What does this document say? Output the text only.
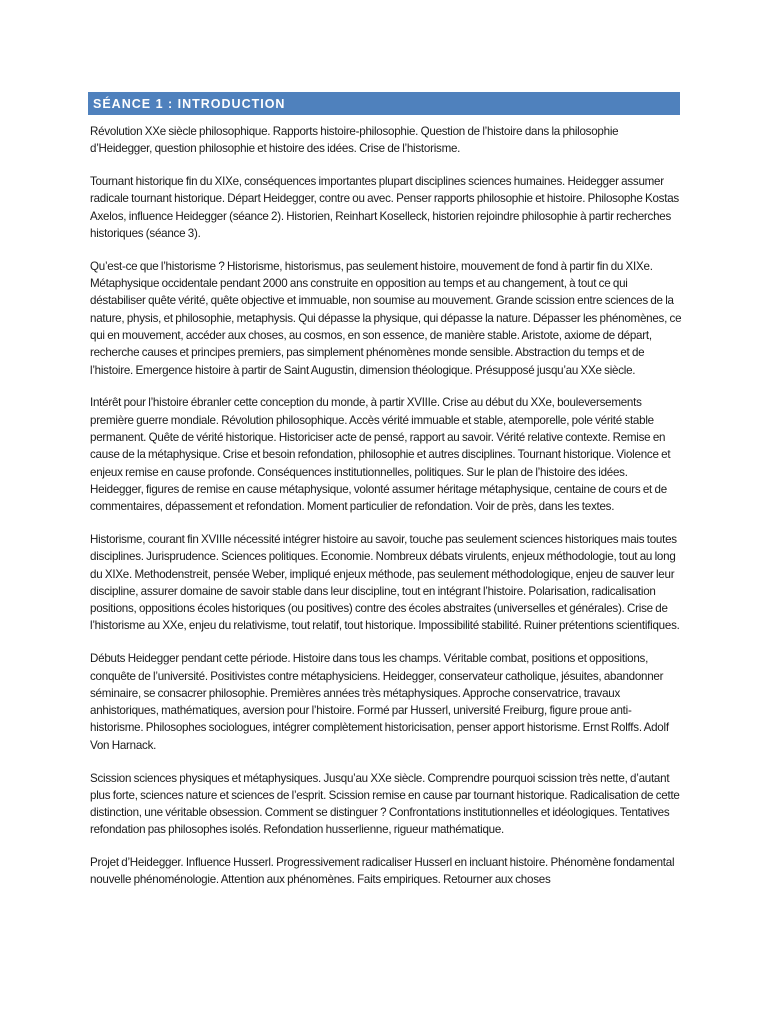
SÉANCE 1 : INTRODUCTION

Révolution XXe siècle philosophique. Rapports histoire-philosophie. Question de l’histoire dans la philosophie d’Heidegger, question philosophie et histoire des idées. Crise de l’historisme.

Tournant historique fin du XIXe, conséquences importantes plupart disciplines sciences humaines. Heidegger assumer radicale tournant historique. Départ Heidegger, contre ou avec. Penser rapports philosophie et histoire. Philosophe Kostas Axelos, influence Heidegger (séance 2). Historien, Reinhart Koselleck, historien rejoindre philosophie à partir recherches historiques (séance 3).

Qu’est-ce que l’historisme ? Historisme, historismus, pas seulement histoire, mouvement de fond à partir fin du XIXe. Métaphysique occidentale pendant 2000 ans construite en opposition au temps et au changement, à tout ce qui déstabiliser quête vérité, quête objective et immuable, non soumise au mouvement. Grande scission entre sciences de la nature, physis, et philosophie, metaphysis. Qui dépasse la physique, qui dépasse la nature. Dépasser les phénomènes, ce qui en mouvement, accéder aux choses, au cosmos, en son essence, de manière stable. Aristote, axiome de départ, recherche causes et principes premiers, pas simplement phénomènes monde sensible. Abstraction du temps et de l’histoire. Emergence histoire à partir de Saint Augustin, dimension théologique. Présupposé jusqu’au XXe siècle.

Intérêt pour l’histoire ébranler cette conception du monde, à partir XVIIIe. Crise au début du XXe, bouleversements première guerre mondiale. Révolution philosophique. Accès vérité immuable et stable, atemporelle, pole vérité stable permanent. Quête de vérité historique. Historiciser acte de pensé, rapport au savoir. Vérité relative contexte. Remise en cause de la métaphysique. Crise et besoin refondation, philosophie et autres disciplines. Tournant historique. Violence et enjeux remise en cause profonde. Conséquences institutionnelles, politiques. Sur le plan de l’histoire des idées. Heidegger, figures de remise en cause métaphysique, volonté assumer héritage métaphysique, centaine de cours et de commentaires, dépassement et refondation. Moment particulier de refondation. Voir de près, dans les textes.

Historisme, courant fin XVIIIe nécessité intégrer histoire au savoir, touche pas seulement sciences historiques mais toutes disciplines. Jurisprudence. Sciences politiques. Economie. Nombreux débats virulents, enjeux méthodologie, tout au long du XIXe. Methodenstreit, pensée Weber, impliqué enjeux méthode, pas seulement méthodologique, enjeu de sauver leur discipline, assurer domaine de savoir stable dans leur discipline, tout en intégrant l’histoire. Polarisation, radicalisation positions, oppositions écoles historiques (ou positives) contre des écoles abstraites (universelles et générales). Crise de l’historisme au XXe, enjeu du relativisme, tout relatif, tout historique. Impossibilité stabilité. Ruiner prétentions scientifiques.

Débuts Heidegger pendant cette période. Histoire dans tous les champs. Véritable combat, positions et oppositions, conquête de l’université. Positivistes contre métaphysiciens. Heidegger, conservateur catholique, jésuites, abandonner séminaire, se consacrer philosophie. Premières années très métaphysiques. Approche conservatrice, travaux anhistoriques, mathématiques, aversion pour l’histoire. Formé par Husserl, université Freiburg, figure proue anti-historisme. Philosophes sociologues, intégrer complètement historicisation, penser apport historisme. Ernst Rolffs. Adolf Von Harnack.

Scission sciences physiques et métaphysiques. Jusqu’au XXe siècle. Comprendre pourquoi scission très nette, d’autant plus forte, sciences nature et sciences de l’esprit. Scission remise en cause par tournant historique. Radicalisation de cette distinction, une véritable obsession. Comment se distinguer ? Confrontations institutionnelles et idéologiques. Tentatives refondation pas philosophes isolés. Refondation husserlienne, rigueur mathématique.

Projet d’Heidegger. Influence Husserl. Progressivement radicaliser Husserl en incluant histoire. Phénomène fondamental nouvelle phénoménologie. Attention aux phénomènes. Faits empiriques. Retourner aux choses
